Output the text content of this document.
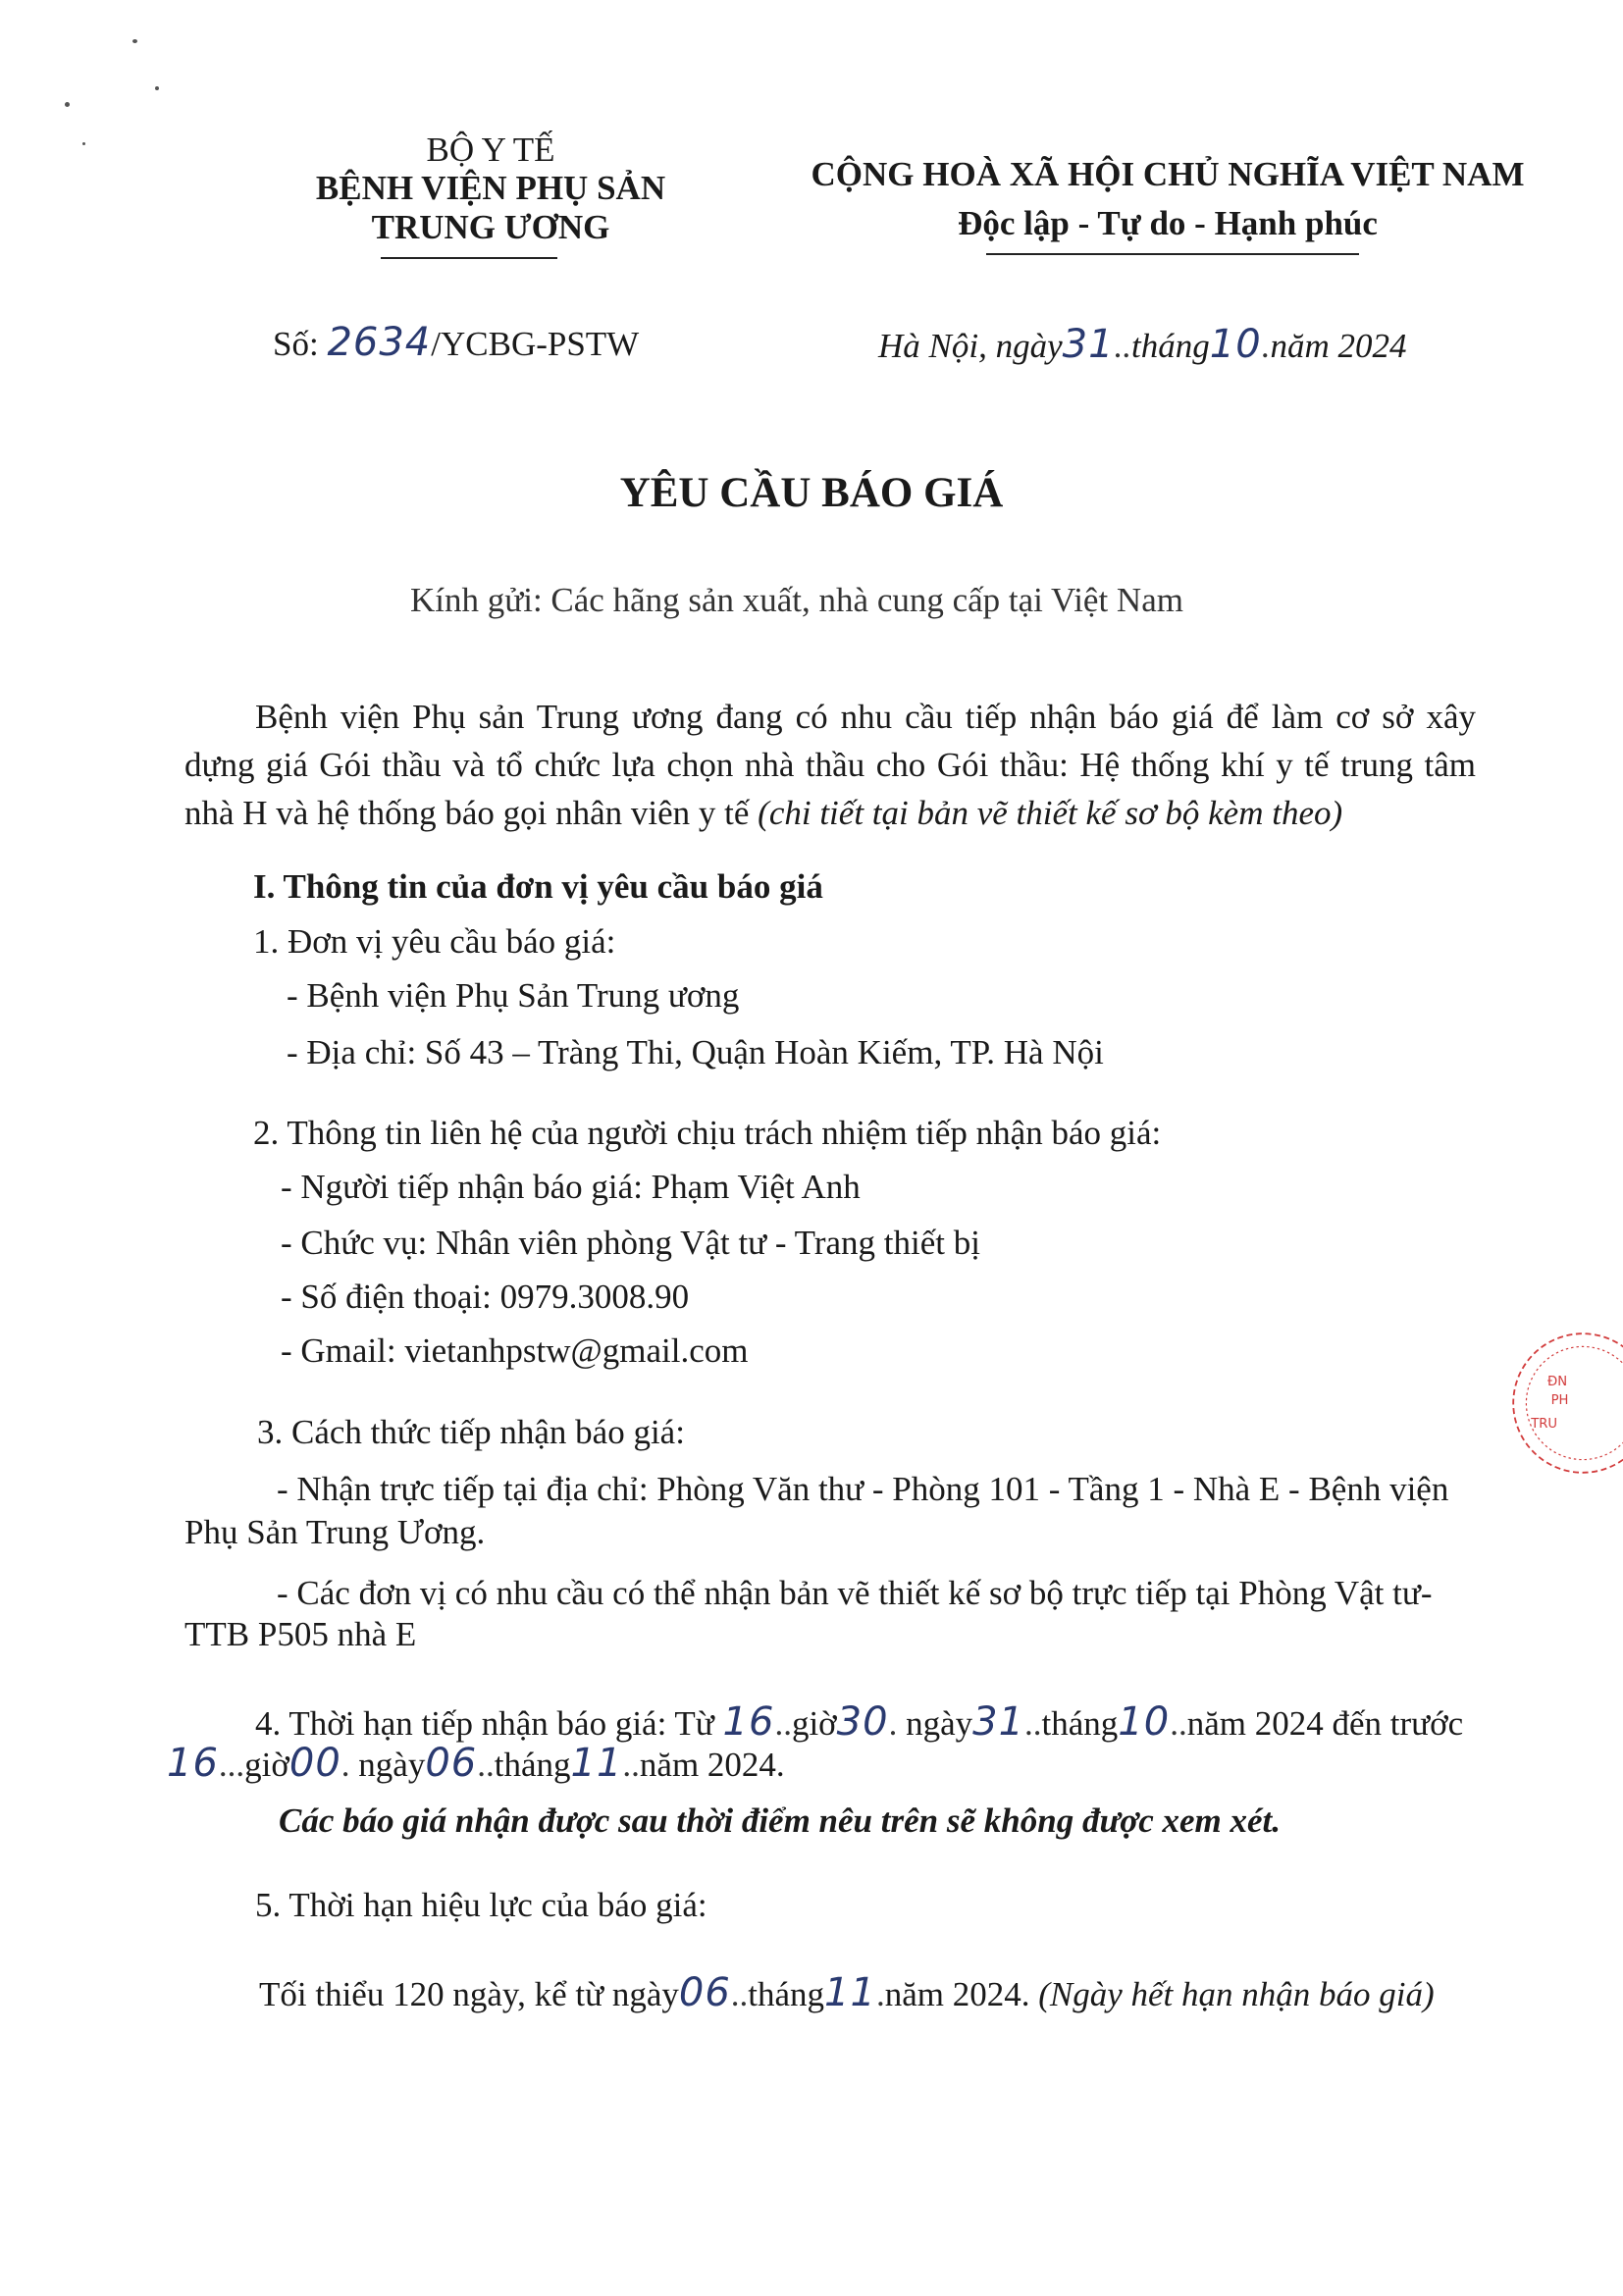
BỘ Y TẾ
BỆNH VIỆN PHỤ SẢN
TRUNG ƯƠNG
CỘNG HOÀ XÃ HỘI CHỦ NGHĨA VIỆT NAM
Độc lập - Tự do - Hạnh phúc
Số: 2634/YCBG-PSTW	Hà Nội, ngày31..tháng10.năm 2024
YÊU CẦU BÁO GIÁ
Kính gửi: Các hãng sản xuất, nhà cung cấp tại Việt Nam
Bệnh viện Phụ sản Trung ương đang có nhu cầu tiếp nhận báo giá để làm cơ sở xây dựng giá Gói thầu và tổ chức lựa chọn nhà thầu cho Gói thầu: Hệ thống khí y tế trung tâm nhà H và hệ thống báo gọi nhân viên y tế (chi tiết tại bản vẽ thiết kế sơ bộ kèm theo)
I. Thông tin của đơn vị yêu cầu báo giá
1. Đơn vị yêu cầu báo giá:
- Bệnh viện Phụ Sản Trung ương
- Địa chỉ: Số 43 – Tràng Thi, Quận Hoàn Kiếm, TP. Hà Nội
2. Thông tin liên hệ của người chịu trách nhiệm tiếp nhận báo giá:
- Người tiếp nhận báo giá: Phạm Việt Anh
- Chức vụ: Nhân viên phòng Vật tư - Trang thiết bị
- Số điện thoại: 0979.3008.90
- Gmail: vietanhpstw@gmail.com
3. Cách thức tiếp nhận báo giá:
- Nhận trực tiếp tại địa chỉ: Phòng Văn thư - Phòng 101 - Tầng 1 - Nhà E - Bệnh viện
Phụ Sản Trung Ương.
- Các đơn vị có nhu cầu có thể nhận bản vẽ thiết kế sơ bộ trực tiếp tại Phòng Vật tư-
TTB P505 nhà E
4. Thời hạn tiếp nhận báo giá: Từ 16..giờ30. ngày31..tháng10..năm 2024 đến trước
16...giờ00. ngày06..tháng11..năm 2024.
Các báo giá nhận được sau thời điểm nêu trên sẽ không được xem xét.
5. Thời hạn hiệu lực của báo giá:
Tối thiểu 120 ngày, kể từ ngày06..tháng11.năm 2024. (Ngày hết hạn nhận báo giá)
ĐN
PH
TRU
